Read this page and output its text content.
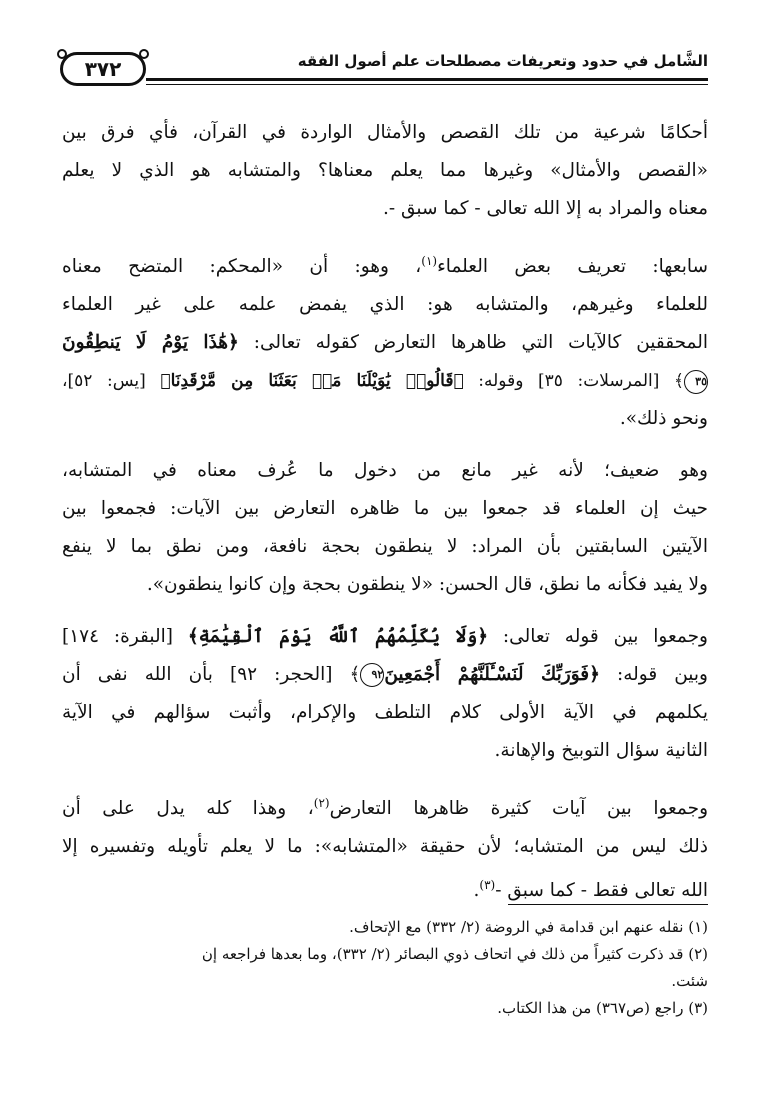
٣٧٢	الشَّامل في حدود وتعريفات مصطلحات علم أصول الفقه

أحكامًا شرعية من تلك القصص والأمثال الواردة في القرآن، فأي فرق بين
«القصص والأمثال» وغيرها مما يعلم معناها؟ والمتشابه هو الذي لا يعلم
معناه والمراد به إلا الله تعالى - كما سبق -.

سابعها: تعريف بعض العلماء$^{(١)}$، وهو: أن «المحكم: المتضح معناه
للعلماء وغيرهم، والمتشابه هو: الذي يفمض علمه على غير العلماء
المحققين كالآيات التي ظاهرها التعارض كقوله تعالى: ﴿هَٰذَا يَوْمُ لَا يَنطِقُونَ
٣٥﴾ [المرسلات: ٣٥] وقوله: ﴿قَالُوا۟ يَٰوَيْلَنَا مَنۢ بَعَثَنَا مِن مَّرْقَدِنَا﴾ [يس: ٥٢]،
ونحو ذلك».

وهو ضعيف؛ لأنه غير مانع من دخول ما عُرف معناه في المتشابه،
حيث إن العلماء قد جمعوا بين ما ظاهره التعارض بين الآيات: فجمعوا بين
الآيتين السابقتين بأن المراد: لا ينطقون بحجة نافعة، ومن نطق بما لا ينفع
ولا يفيد فكأنه ما نطق، قال الحسن: «لا ينطقون بحجة وإن كانوا ينطقون».

وجمعوا بين قوله تعالى: ﴿وَلَا يُكَلِّمُهُمُ ٱللَّهُ يَوْمَ ٱلْقِيَٰمَةِ﴾ [البقرة: ١٧٤]
وبين قوله: ﴿فَوَرَبِّكَ لَنَسْـَٔلَنَّهُمْ أَجْمَعِينَ٩٢﴾ [الحجر: ٩٢] بأن الله نفى أن
يكلمهم في الآية الأولى كلام التلطف والإكرام، وأثبت سؤالهم في الآية
الثانية سؤال التوبيخ والإهانة.

وجمعوا بين آيات كثيرة ظاهرها التعارض$^{(٢)}$، وهذا كله يدل على أن
ذلك ليس من المتشابه؛ لأن حقيقة «المتشابه»: ما لا يعلم تأويله وتفسيره إلا
الله تعالى فقط - كما سبق -$^{(٣)}$.

(١) نقله عنهم ابن قدامة في الروضة (٢/ ٣٣٢) مع الإتحاف.
(٢) قد ذكرت كثيراً من ذلك في اتحاف ذوي البصائر (٢/ ٣٣٢)، وما بعدها فراجعه إن
شئت.
(٣) راجع (ص٣٦٧) من هذا الكتاب.
